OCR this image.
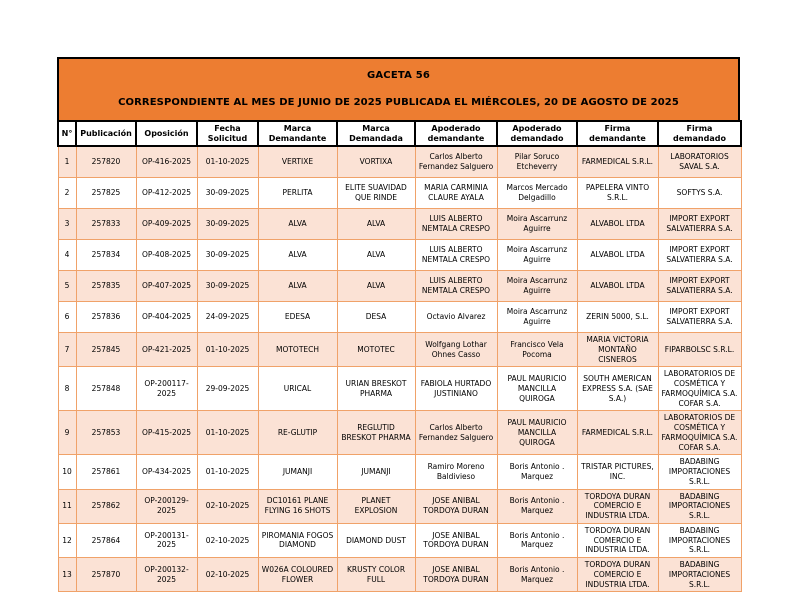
GACETA 56
CORRESPONDIENTE AL MES DE JUNIO DE 2025 PUBLICADA EL MIÉRCOLES, 20 DE AGOSTO DE 2025
N°	Publicación	Oposición	Fecha Solicitud	Marca Demandante	Marca Demandada	Apoderado demandante	Apoderado demandado	Firma demandante	Firma demandado
1	257820	OP-416-2025	01-10-2025	VERTIXE	VORTIXA	Carlos Alberto Fernandez Salguero	Pilar Soruco Etcheverry	FARMEDICAL S.R.L.	LABORATORIOS SAVAL S.A.
2	257825	OP-412-2025	30-09-2025	PERLITA	ELITE SUAVIDAD QUE RINDE	MARIA CARMINIA CLAURE AYALA	Marcos Mercado Delgadillo	PAPELERA VINTO S.R.L.	SOFTYS S.A.
3	257833	OP-409-2025	30-09-2025	ALVA	ALVA	LUIS ALBERTO NEMTALA CRESPO	Moira Ascarrunz Aguirre	ALVABOL LTDA	IMPORT EXPORT SALVATIERRA S.A.
4	257834	OP-408-2025	30-09-2025	ALVA	ALVA	LUIS ALBERTO NEMTALA CRESPO	Moira Ascarrunz Aguirre	ALVABOL LTDA	IMPORT EXPORT SALVATIERRA S.A.
5	257835	OP-407-2025	30-09-2025	ALVA	ALVA	LUIS ALBERTO NEMTALA CRESPO	Moira Ascarrunz Aguirre	ALVABOL LTDA	IMPORT EXPORT SALVATIERRA S.A.
6	257836	OP-404-2025	24-09-2025	EDESA	DESA	Octavio Alvarez	Moira Ascarrunz Aguirre	ZERIN 5000, S.L.	IMPORT EXPORT SALVATIERRA S.A.
7	257845	OP-421-2025	01-10-2025	MOTOTECH	MOTOTEC	Wolfgang Lothar Ohnes Casso	Francisco Vela Pocoma	MARIA VICTORIA MONTAÑO CISNEROS	FIPARBOLSC S.R.L.
8	257848	OP-200117-2025	29-09-2025	URICAL	URIAN BRESKOT PHARMA	FABIOLA HURTADO JUSTINIANO	PAUL MAURICIO MANCILLA QUIROGA	SOUTH AMERICAN EXPRESS S.A. (SAE S.A.)	LABORATORIOS DE COSMÉTICA Y FARMOQUÍMICA S.A. COFAR S.A.
9	257853	OP-415-2025	01-10-2025	RE-GLUTIP	REGLUTID BRESKOT PHARMA	Carlos Alberto Fernandez Salguero	PAUL MAURICIO MANCILLA QUIROGA	FARMEDICAL S.R.L.	LABORATORIOS DE COSMÉTICA Y FARMOQUÍMICA S.A. COFAR S.A.
10	257861	OP-434-2025	01-10-2025	JUMANJI	JUMANJI	Ramiro Moreno Baldivieso	Boris Antonio . Marquez	TRISTAR PICTURES, INC.	BADABING IMPORTACIONES S.R.L.
11	257862	OP-200129-2025	02-10-2025	DC10161 PLANE FLYING 16 SHOTS	PLANET EXPLOSION	JOSE ANIBAL TORDOYA DURAN	Boris Antonio . Marquez	TORDOYA DURAN COMERCIO E INDUSTRIA LTDA.	BADABING IMPORTACIONES S.R.L.
12	257864	OP-200131-2025	02-10-2025	PIROMANIA FOGOS DIAMOND	DIAMOND DUST	JOSE ANIBAL TORDOYA DURAN	Boris Antonio . Marquez	TORDOYA DURAN COMERCIO E INDUSTRIA LTDA.	BADABING IMPORTACIONES S.R.L.
13	257870	OP-200132-2025	02-10-2025	W026A COLOURED FLOWER	KRUSTY COLOR FULL	JOSE ANIBAL TORDOYA DURAN	Boris Antonio . Marquez	TORDOYA DURAN COMERCIO E INDUSTRIA LTDA.	BADABING IMPORTACIONES S.R.L.
